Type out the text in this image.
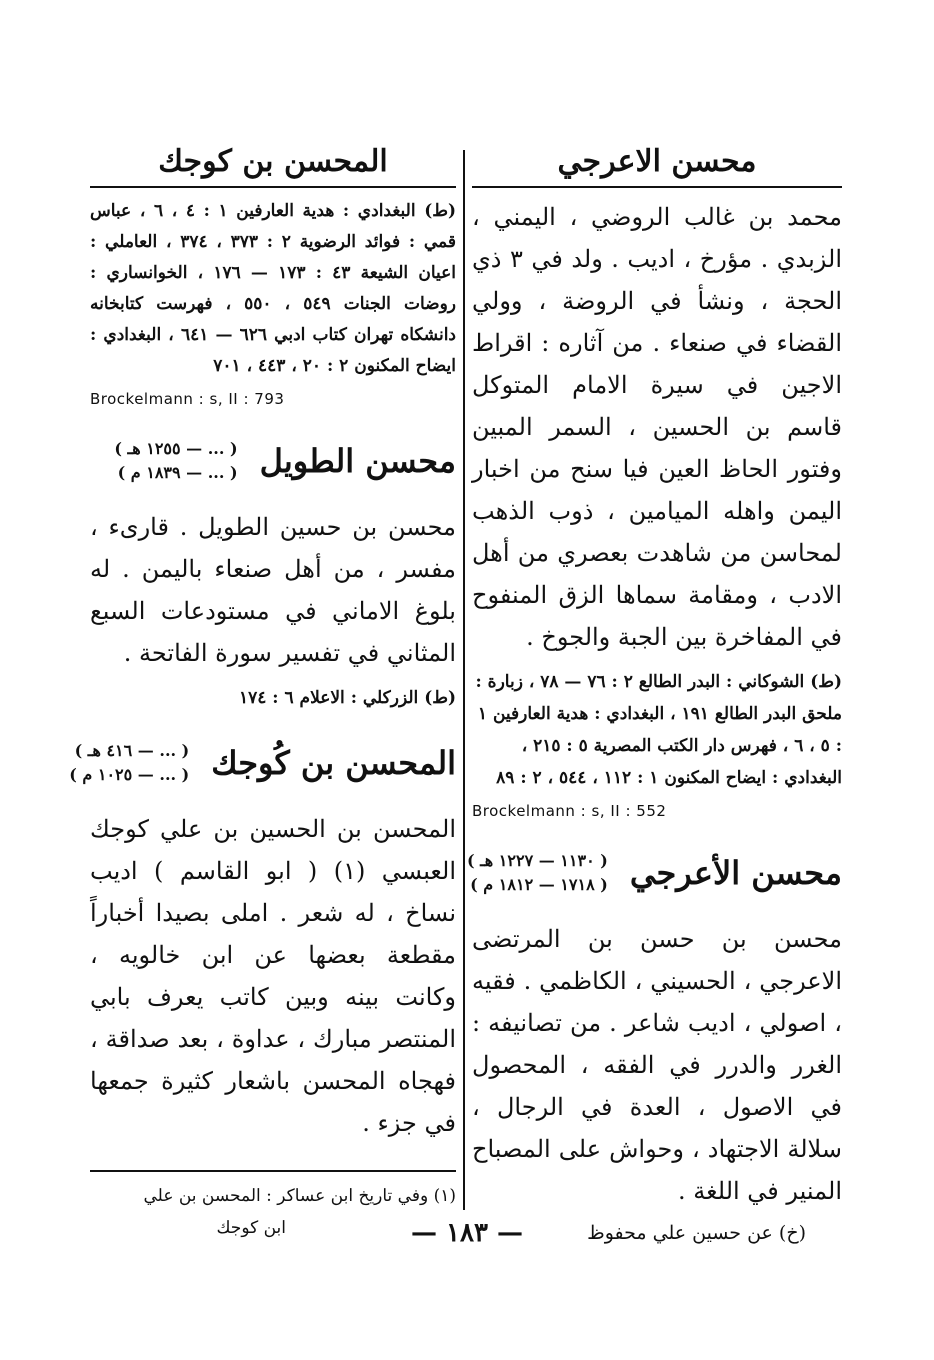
محسن الاعرجي

محمد بن غالب الروضي ، اليمني ، الزبدي . مؤرخ ، اديب . ولد في ٣ ذي الحجة ، ونشأ في الروضة ، وولي القضاء في صنعاء . من آثاره : اقراط الاجين في سيرة الامام المتوكل قاسم بن الحسين ، السمر المبين وفتور الحاظ العين فيا سنح من اخبار اليمن واهله الميامين ، ذوب الذهب لمحاسن من شاهدت بعصري من أهل الادب ، ومقامة سماها الزق المنفوح في المفاخرة بين الجبة والجوخ .

(ط) الشوكاني : البدر الطالع ٢ : ٧٦ — ٧٨ ، زبارة : ملحق البدر الطالع ١٩١ ، البغدادي : هدية العارفين ١ : ٥ ، ٦ ، فهرس دار الكتب المصرية ٥ : ٢١٥ ، البغدادي : ايضاح المكنون ١ : ١١٢ ، ٥٤٤ ، ٢ : ٨٩

Brockelmann : s, II : 552
محسن الأعرجي
( ١١٣٠ — ١٢٢٧ هـ )
( ١٧١٨ — ١٨١٢ م )

محسن بن حسن بن المرتضى الاعرجي ، الحسيني ، الكاظمي . فقيه ، اصولي ، اديب شاعر . من تصانيفه : الغرر والدرر في الفقه ، المحصول في الاصول ، العدة في الرجال ، سلالة الاجتهاد ، وحواش على المصباح المنير في اللغة .

(خ) عن حسين علي محفوظ

المحسن بن كوجك

(ط) البغدادي : هدية العارفين ١ : ٤ ، ٦ ، عباس قمي : فوائد الرضوية ٢ : ٣٧٣ ، ٣٧٤ ، العاملي : اعيان الشيعة ٤٣ : ١٧٣ — ١٧٦ ، الخوانساري : روضات الجنات ٥٤٩ ، ٥٥٠ ، فهرست كتابخانه دانشكاه تهران كتاب ادبي ٦٢٦ — ٦٤١ ، البغدادي : ايضاح المكنون ٢ : ٢٠ ، ٤٤٣ ، ٧٠١

Brockelmann : s, II : 793
محسن الطويل
( ... — ١٢٥٥ هـ )
( ... — ١٨٣٩ م )

محسن بن حسين الطويل . قارىء ، مفسر ، من أهل صنعاء باليمن . له بلوغ الاماني في مستودعات السبع المثاني في تفسير سورة الفاتحة .

(ط) الزركلي : الاعلام ٦ : ١٧٤

المحسن بن كُوجك
( ... — ٤١٦ هـ )
( ... — ١٠٢٥ م )

المحسن بن الحسين بن علي كوجك العبسي (١) ( ابو القاسم ) اديب نساخ ، له شعر . املى بصيدا أخباراً مقطعة بعضها عن ابن خالويه ، وكانت بينه وبين كاتب يعرف بابي المنتصر مبارك ، عداوة ، بعد صداقة ، فهجاه المحسن باشعار كثيرة جمعها في جزء .

(١) وفي تاريخ ابن عساكر : المحسن بن علي

ابن كوجك	— ١٨٣ —
